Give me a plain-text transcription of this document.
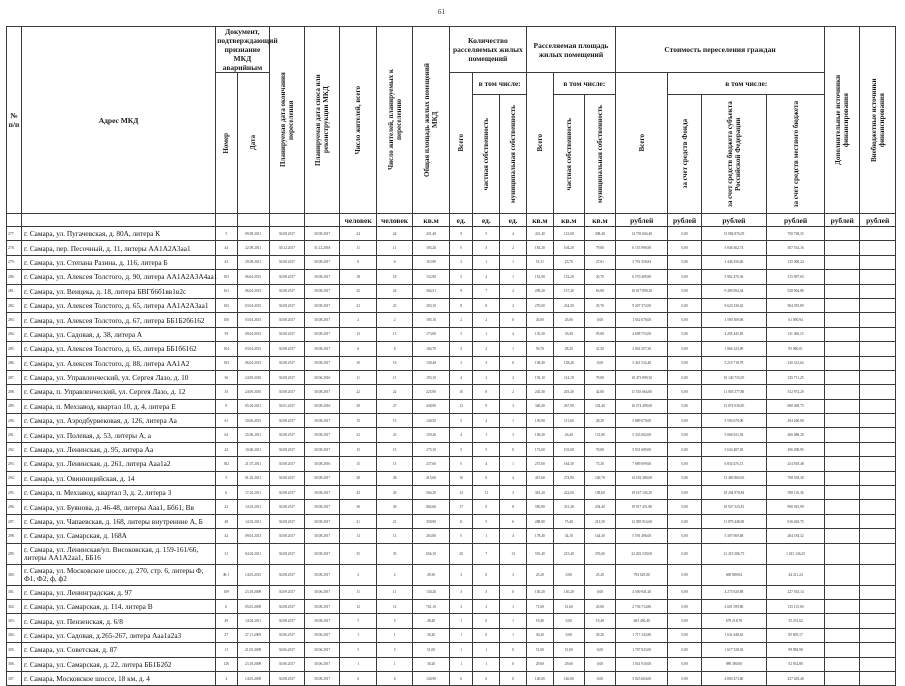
61
№ п/п	Адрес МКД	Документ, подтверждающий признание МКД аварийным		Планируемая дата окончания переселения	Планируемая дата сноса или реконструкции МКД	Число жителей, всего	Число жителей, планируемых к переселению	Общая площадь жилых помещений МКД	Количество расселяемых жилых помещений			Расселяемая площадь жилых помещений			Стоимость переселения граждан				Дополнительные источники финансирования	Внебюджетные источники финансирования

		Номер	Дата						Всего	в том числе:		Всего	в том числе:		Всего	в том числе:				

										частная собственность	муниципальная собственность		частная собственность	муниципальная собственность		за счет средств Фонда	за счет средств бюджета субъекта Российской Федерации	за счет средств местного бюджета		

						человек	человек	кв.м	ед.	ед.	ед.	кв.м	кв.м	кв.м	рублей	рублей	рублей	рублей	рублей	рублей
277.	г. Самара, ул. Пугачевская, д. 80А, литера К	5	09.09.2011	30.08.2017	30.08.2017	24	24	431,40	9	5	4	431,40	123,00	308,40	14 739 604,40	0,00	13 984 876,05	750 728,35		
278.	г. Самара, пер. Песочный, д. 11, литеры АА1А2А3аа1	44	22.09.2011	30.12.2017	31.12.2018	11	11	183,20	5	3	2	183,20	104,20	79,00	6 153 996,90	0,00	5 846 462,74	307 534,16		
279.	г. Самара, ул. Степана Разина, д. 116, литера Б	43	29.09.2011	30.08.2017	30.08.2017	6	6	110,90	2	1	1	51,31	23,70	27,61	3 701 356,84	0,00	3 446 356,60	135 000,24		
280.	г. Самара, ул. Алексея Толстого, д. 90, литера АА1А2А3А4аа1	103	06.04.2015	30.08.2017	30.08.2017	18	18	152,90	5	4	1	152,90	132,20	20,70	6 570 409,90	0,00	5 902 470,36	315 997,65		
281.	г. Самара, ул. Венцека, д. 18, литера БВГб6б1вв1в2с	161	06.04.2015	30.08.2017	30.08.2017	25	24	304,51	9	7	2	209,20	157,40	63,80	10 017 899,20	0,00	9 496 994,34	520 904,86		
282.	г. Самара, ул. Алексея Толстого, д. 65, литера АА1А2А3аа1	103	03.04.2015	30.08.2017	30.08.2017	23	23	303,10	8	6	2	270,00	234,30	35,70	9 207 372,00	0,00	8 623 330,42	584 055,89		
283.	г. Самара, ул. Алексея Толстого, д. 67, литера ББ1Б2б6162	100	03.04.2015	30.08.2017	30.08.2017	2	2	185,10	2	2	0	45,00	45,00	0,00	1 652 070,00	0,00	1 590 369,06	61 000,94		
284.	г. Самара, ул. Садовая, д. 38, литера А	59	09.04.2015	30.08.2017	30.08.2017	13	13	173,00	5	1	4	135,20	39,40	95,80	4 608 753,00	0,00	4 295 445,85	311 306,15		
285.	г. Самара, ул. Алексея Толстого, д. 65, литера ББ1б6162	104	03.04.2015	30.08.2017	30.08.2017	6	6	184,70	3	2	1	59,70	28,20	31,50	2 001 357,30	0,00	1 866 323,09	95 960,01		
286.	г. Самара, ул. Алексея Толстого, д. 88, литера АА1А2	103	06.04.2015	30.08.2017	30.08.2017	10	10	138,40	3	3	0	138,40	138,40	0,00	5 441 532,40	0,00	5 210 718,78	230 313,62		
287.	г. Самара, ул. Управленческий, ул. Сергея Лазо, д. 10	36	24.09.2010	30.08.2017	30.06.2016	11	11	193,10	4	2	2	193,10	114,10	79,00	10 473 899,30	0,00	10 140 735,05	335 711,25		
288.	г. Самара, п. Управленческий, ул. Сергея Лазо, д. 12	35	24.09.2010	30.08.2017	30.08.2017	22	22	225,90	10	8	2	245,40	203,40	42,00	11 535 664,00	0,00	11 003 377,80	532 972,20		
289.	г. Самара, п. Мехзавод, квартал 10, д. 4, литера Е	9	05.04.2011	30.01.2017	30.08.2016	29	27	438,90	12	9	3	340,40	267,90	102,40	16 574 499,60	0,00	15 874 036,85	680 469,75		
290.	г. Самара, ул. Аэродбурвековая, д. 126, литера Аа	61	30.06.2015	30.08.2017	30.08.2017	15	15	140,50	5	4	1	139,90	111,60	28,30	5 889 079,00	0,00	5 594 679,00	294 260,00		
291.	г. Самара, ул. Полевая, д. 53, литеры А, а	64	25.06.2011	30.08.2017	30.08.2017	23	23	159,26	4	1	3	158,20	26,40	131,80	5 333 602,00	0,00	5 066 921,94	266 680,20		
292.	г. Самара, ул. Ленинская, д. 95, литера Аа	42	10.06.2011	30.08.2017	30.08.2017	15	15	175,10	5	5	0	173,00	103,00	70,00	5 931 689,00	0,00	5 634 487,05	296 208,95		
293.	г. Самара, ул. Ленинская, д. 261, литера Ааа1а2	302	21.07.2011	30.08.2017	30.08.2016	15	15	237,60	5	4	1	237,60	164,30	73,30	7 089 699,60	0,00	6 834 476,13	254 818,48		
294.	г. Самара, ул. Овинницийская, д. 14	5	01.02.2011	30.08.2017	30.08.2017	28	28	415,60	10	6	4	415,60	274,90	140,70	14 182 380,00	0,00	13 483 860,65	708 539,30		
295.	г. Самара, п. Мехзавод, квартал 3, д. 2, литера 3	6	17.02.2011	30.08.2017	30.08.2017	43	43	504,20	14	11	3	361,20	222,60	138,60	19 167 145,20	0,00	18 204 978,84	958 116,36		
296.	г. Самара, ул. Буянова, д. 46-48, литеры Ааа1, Бб61, Вв	42	14.03.2011	30.08.2017	30.08.2017	30	30	802,60	17	9	8	585,80	331,40	254,40	19 917 451,80	0,00	18 927 525,81	990 925,99		
297.	г. Самара, ул. Чапаевская, д. 168, литеры внутренние А, Б	48	14.03.2011	30.08.2017	30.08.2017	21	21	358,90	11	5	6	288,90	75,40	213,50	12 385 914,60	0,00	11 879 448,00	616 463,75		
298.	г. Самара, ул. Самарская, д. 168А	42	09.04.2013	30.08.2017	30.08.2017	13	13	263,80	5	1	4	178,40	34,10	144,30	5 591 496,00	0,00	5 307 069,68	284 183,32		
299.	г. Самара, ул. Ленинская/ул. Високовская, д. 159-161/66, литеры АА1А2аа1, ББ16	31	04.04.2011	30.08.2017	30.08.2017	35	35	656,10	20	7	13	591,40	215,40	376,00	22 202 539,00	0,00	21 219 386,75	1 013 136,25		
300.	г. Самара, ул. Московское шоссе, д. 270, стр. 6, литеры Ф, Ф1, Ф2, ф, ф2	Ж-1	14.03.2015	30.08.2017	30.08.2017	2	2	49,30	3	0	3	25,20	0,00	25,20	794 025,00	0,00	669 889,84	44 211,24		
301.	г. Самара, ул. Ленинградская, д. 97	109	23.10.2009	30.09.2017	30.06.2017	11	11	130,20	3	3	0	130,20	130,20	0,00	4 500 941,20	0,00	4 273 920,88	227 033,14		
302.	г. Самара, ул. Самарская, д. 114, литера В	6	05.03.2009	30.08.2017	30.08.2017	12	12	761,10	3	2	1	71,60	51,60	20,00	2 736 714,80	0,00	2 601 599,80	135 115,00		
303.	г. Самара, ул. Пензенская, д. 6/8	49	14.04.2011	30.08.2017	30.08.2017	5	5	48,40	1	0	1	19,40	0,00	19,40	663 450,40	0,00	679 218,78	35 231,62		
304.	г. Самара, ул. Садовая, д.265-267, литера Ааа1а2а3	27	27.11.2009	30.06.2017	30.06.2017	1	1	30,20	1	0	1	30,20	0,00	30,20	1 717 243,80	0,00	1 631 648,63	85 695,17		
305.	г. Самара, ул. Советская, д. 87	11	21.05.2009	30.06.2017	30.06.2017	5	5	51,00	1	1	0	51,00	51,00	0,00	1 707 923,00	0,00	1 617 528,02	99 984,98		
306.	г. Самара, ул. Самарская, д. 22, литера ББ1Б2б2	126	23.10.2009	30.06.2017	30.06.2017	1	1	30,20	1	1	0	29,60	29,60	0,00	1 041 910,00	0,00	989 380,00	52 032,80		
307.	г. Самара, Московское шоссе, 18 км, д. 4	4	14.03.2009	30.08.2017	30.08.2017	6	6	140,90	6	6	0	140,00	140,00	0,00	5 025 604,00	0,00	4 800 473,60	257 403,40		
